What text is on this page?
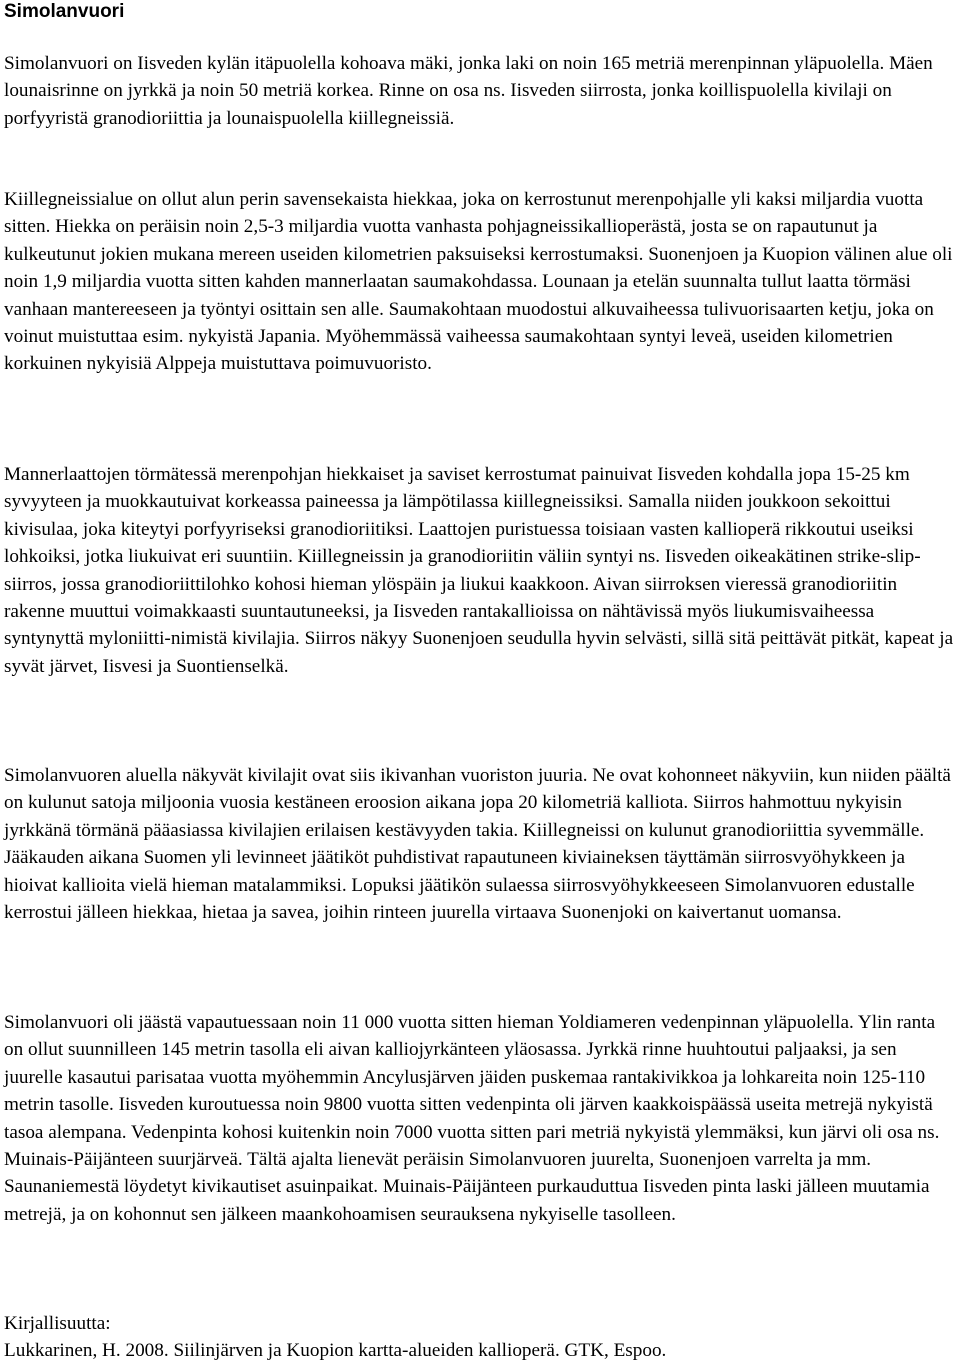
Simolanvuori

Simolanvuori on Iisveden kylän itäpuolella kohoava mäki, jonka laki on noin 165 metriä merenpinnan yläpuolella. Mäen lounaisrinne on jyrkkä ja noin 50 metriä korkea. Rinne on osa ns. Iisveden siirrosta, jonka koillispuolella kivilaji on porfyyristä granodioriittia ja lounaispuolella kiillegneissiä.

Kiillegneissialue on ollut alun perin savensekaista hiekkaa, joka on kerrostunut merenpohjalle yli kaksi miljardia vuotta sitten. Hiekka on peräisin noin 2,5-3 miljardia vuotta vanhasta pohjagneissikallioperästä, josta se on rapautunut ja kulkeutunut jokien mukana mereen useiden kilometrien paksuiseksi kerrostumaksi. Suonenjoen ja Kuopion välinen alue oli noin 1,9 miljardia vuotta sitten kahden mannerlaatan saumakohdassa. Lounaan ja etelän suunnalta tullut laatta törmäsi vanhaan mantereeseen ja työntyi osittain sen alle. Saumakohtaan muodostui alkuvaiheessa tulivuorisaarten ketju, joka on voinut muistuttaa esim. nykyistä Japania. Myöhemmässä vaiheessa saumakohtaan syntyi leveä, useiden kilometrien korkuinen nykyisiä Alppeja muistuttava poimuvuoristo.

Mannerlaattojen törmätessä merenpohjan hiekkaiset ja saviset kerrostumat painuivat Iisveden kohdalla jopa 15-25 km syvyyteen ja muokkautuivat korkeassa paineessa ja lämpötilassa kiillegneissiksi. Samalla niiden joukkoon sekoittui kivisulaa, joka kiteytyi porfyyriseksi granodioriitiksi. Laattojen puristuessa toisiaan vasten kallioperä rikkoutui useiksi lohkoiksi, jotka liukuivat eri suuntiin. Kiillegneissin ja granodioriitin väliin syntyi ns. Iisveden oikeakätinen strike-slip-siirros, jossa granodioriittilohko kohosi hieman ylöspäin ja liukui kaakkoon. Aivan siirroksen vieressä granodioriitin rakenne muuttui voimakkaasti suuntautuneeksi, ja Iisveden rantakallioissa on nähtävissä myös liukumisvaiheessa syntynyttä myloniitti-nimistä kivilajia. Siirros näkyy Suonenjoen seudulla hyvin selvästi, sillä sitä peittävät pitkät, kapeat ja syvät järvet, Iisvesi ja Suontienselkä.

Simolanvuoren aluella näkyvät kivilajit ovat siis ikivanhan vuoriston juuria. Ne ovat kohonneet näkyviin, kun niiden päältä on kulunut satoja miljoonia vuosia kestäneen eroosion aikana jopa 20 kilometriä kalliota. Siirros hahmottuu nykyisin jyrkkänä törmänä pääasiassa kivilajien erilaisen kestävyyden takia. Kiillegneissi on kulunut granodioriittia syvemmälle. Jääkauden aikana Suomen yli levinneet jäätiköt puhdistivat rapautuneen kiviaineksen täyttämän siirrosvyöhykkeen ja hioivat kallioita vielä hieman matalammiksi. Lopuksi jäätikön sulaessa siirrosvyöhykkeeseen Simolanvuoren edustalle kerrostui jälleen hiekkaa, hietaa ja savea, joihin rinteen juurella virtaava Suonenjoki on kaivertanut uomansa.

Simolanvuori oli jäästä vapautuessaan noin 11 000 vuotta sitten hieman Yoldiameren vedenpinnan yläpuolella. Ylin ranta on ollut suunnilleen 145 metrin tasolla eli aivan kalliojyrkänteen yläosassa. Jyrkkä rinne huuhtoutui paljaaksi, ja sen juurelle kasautui parisataa vuotta myöhemmin Ancylusjärven jäiden puskemaa rantakivikkoa ja lohkareita noin 125-110 metrin tasolle. Iisveden kuroutuessa noin 9800 vuotta sitten vedenpinta oli järven kaakkoispäässä useita metrejä nykyistä tasoa alempana. Vedenpinta kohosi kuitenkin noin 7000 vuotta sitten pari metriä nykyistä ylemmäksi, kun järvi oli osa ns. Muinais-Päijänteen suurjärveä. Tältä ajalta lienevät peräisin Simolanvuoren juurelta, Suonenjoen varrelta ja mm. Saunaniemestä löydetyt kivikautiset asuinpaikat. Muinais-Päijänteen purkauduttua Iisveden pinta laski jälleen muutamia metrejä, ja on kohonnut sen jälkeen maankohoamisen seurauksena nykyiselle tasolleen.

Kirjallisuutta:
Lukkarinen, H. 2008. Siilinjärven ja Kuopion kartta-alueiden kallioperä. GTK, Espoo.
